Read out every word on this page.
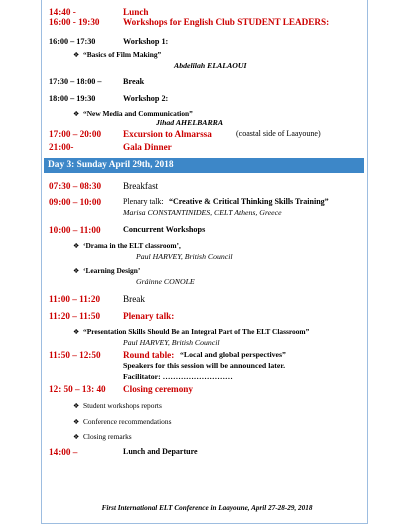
14:40 -	Lunch
16:00 - 19:30	Workshops for English Club STUDENT LEADERS:
16:00 – 17:30	Workshop 1:
❖ “Basics of Film Making”
Abdelilah ELALAOUI
17:30 – 18:00 –	Break
18:00 – 19:30	Workshop 2:
❖ “New Media and Communication”
Jihad AHELBARRA
17:00 – 20:00 Excursion to Almarssa	(coastal side of Laayoune)
21:00-	Gala Dinner
Day 3: Sunday April 29th, 2018
07:30 – 08:30 Breakfast
09:00 – 10:00	Plenary talk: “Creative & Critical Thinking Skills Training”
Marisa CONSTANTINIDES, CELT Athens, Greece
10:00 – 11:00	Concurrent Workshops
❖ ‘Drama in the ELT classroom’,
Paul HARVEY, British Council
❖ ‘Learning Design’
Gráinne CONOLE
11:00 – 11:20 Break
11:20 – 11:50 Plenary talk:
❖ “Presentation Skills Should Be an Integral Part of The ELT Classroom”
Paul HARVEY, British Council
11:50 – 12:50 Round table: “Local and global perspectives”
Speakers for this session will be announced later.
Facilitator: ………………………
12: 50 – 13: 40 Closing ceremony
❖ Student workshops reports
❖ Conference recommendations
❖ Closing remarks
14:00 –	Lunch and Departure
First International ELT Conference in Laayoune, April 27-28-29, 2018
